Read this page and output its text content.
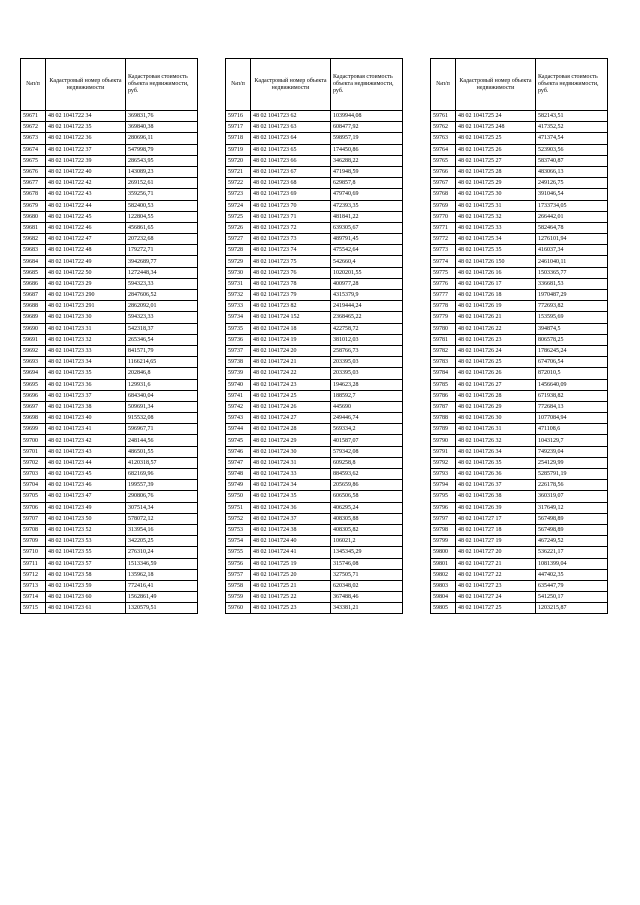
№п/п	Кадастровый номер объекта недвижимости	Кадастровая стоимость объекта недвижимости, руб.
59671	48 02 1041722 34	369831,76
59672	48 02 1041722 35	369840,38
59673	48 02 1041722 36	280696,11
59674	48 02 1041722 37	547998,79
59675	48 02 1041722 39	286543,95
59676	48 02 1041722 40	143089,23
59677	48 02 1041722 42	269152,61
59678	48 02 1041722 43	359256,71
59679	48 02 1041722 44	582400,53
59680	48 02 1041722 45	122804,55
59681	48 02 1041722 46	456861,65
59682	48 02 1041722 47	207232,68
59683	48 02 1041722 48	179272,71
59684	48 02 1041722 49	3942689,77
59685	48 02 1041722 50	1272448,34
59686	48 02 1041723 29	594323,33
59687	48 02 1041723 290	2847606,52
59688	48 02 1041723 291	2862092,01
59689	48 02 1041723 30	594323,33
59690	48 02 1041723 31	542318,37
59691	48 02 1041723 32	265346,54
59692	48 02 1041723 33	841571,79
59693	48 02 1041723 34	1166214,65
59694	48 02 1041723 35	202846,8
59695	48 02 1041723 36	129931,6
59696	48 02 1041723 37	684340,04
59697	48 02 1041723 38	509691,34
59698	48 02 1041723 40	915532,08
59699	48 02 1041723 41	596967,71
59700	48 02 1041723 42	248144,56
59701	48 02 1041723 43	486501,55
59702	48 02 1041723 44	4120318,57
59703	48 02 1041723 45	682169,96
59704	48 02 1041723 46	199557,39
59705	48 02 1041723 47	290806,76
59706	48 02 1041723 49	307514,34
59707	48 02 1041723 50	578072,12
59708	48 02 1041723 52	313954,16
59709	48 02 1041723 53	342205,25
59710	48 02 1041723 55	276310,24
59711	48 02 1041723 57	1513346,59
59712	48 02 1041723 58	135962,18
59713	48 02 1041723 59	772416,41
59714	48 02 1041723 60	1562861,49
59715	48 02 1041723 61	1320579,51
№п/п	Кадастровый номер объекта недвижимости	Кадастровая стоимость объекта недвижимости, руб.
59716	48 02 1041723 62	1039944,08
59717	48 02 1041723 63	608477,92
59718	48 02 1041723 64	598957,19
59719	48 02 1041723 65	174450,86
59720	48 02 1041723 66	346288,22
59721	48 02 1041723 67	471948,59
59722	48 02 1041723 68	629857,8
59723	48 02 1041723 69	479740,69
59724	48 02 1041723 70	472393,35
59725	48 02 1041723 71	481841,22
59726	48 02 1041723 72	639305,67
59727	48 02 1041723 73	489791,45
59728	48 02 1041723 74	475542,64
59729	48 02 1041723 75	542660,4
59730	48 02 1041723 76	1020201,55
59731	48 02 1041723 78	400977,28
59732	48 02 1041723 79	4315379,9
59733	48 02 1041723 82	2419444,24
59734	48 02 1041724 152	2368465,22
59735	48 02 1041724 18	422758,72
59736	48 02 1041724 19	381012,03
59737	48 02 1041724 20	258766,73
59738	48 02 1041724 21	203395,03
59739	48 02 1041724 22	203395,03
59740	48 02 1041724 23	194623,28
59741	48 02 1041724 25	188592,7
59742	48 02 1041724 26	445690
59743	48 02 1041724 27	249446,74
59744	48 02 1041724 28	569334,2
59745	48 02 1041724 29	401587,07
59746	48 02 1041724 30	579342,08
59747	48 02 1041724 31	609258,8
59748	48 02 1041724 33	884593,62
59749	48 02 1041724 34	205659,86
59750	48 02 1041724 35	606506,58
59751	48 02 1041724 36	406295,24
59752	48 02 1041724 37	408305,88
59753	48 02 1041724 38	408305,82
59754	48 02 1041724 40	106021,2
59755	48 02 1041724 41	1345345,29
59756	48 02 1041725 19	315746,08
59757	48 02 1041725 20	327505,71
59758	48 02 1041725 21	620348,02
59759	48 02 1041725 22	367488,46
59760	48 02 1041725 23	343381,21
№п/п	Кадастровый номер объекта недвижимости	Кадастровая стоимость объекта недвижимости, руб.
59761	48 02 1041725 24	582143,51
59762	48 02 1041725 248	417352,52
59763	48 02 1041725 25	471374,54
59764	48 02 1041725 26	523903,56
59765	48 02 1041725 27	583740,87
59766	48 02 1041725 28	483066,13
59767	48 02 1041725 29	249126,75
59768	48 02 1041725 30	391046,54
59769	48 02 1041725 31	1733734,05
59770	48 02 1041725 32	266442,01
59771	48 02 1041725 33	582464,78
59772	48 02 1041725 34	1276101,94
59773	48 02 1041725 35	416037,34
59774	48 02 1041726 150	2461040,11
59775	48 02 1041726 16	1503365,77
59776	48 02 1041726 17	336681,53
59777	48 02 1041726 18	1970487,29
59778	48 02 1041726 19	772693,82
59779	48 02 1041726 21	153595,69
59780	48 02 1041726 22	394874,5
59781	48 02 1041726 23	806578,25
59782	48 02 1041726 24	1786245,24
59783	48 02 1041726 25	674706,54
59784	48 02 1041726 26	872010,5
59785	48 02 1041726 27	1456640,09
59786	48 02 1041726 28	671938,82
59787	48 02 1041726 29	772684,13
59788	48 02 1041726 30	1077084,94
59789	48 02 1041726 31	471108,6
59790	48 02 1041726 32	1043129,7
59791	48 02 1041726 34	749239,04
59792	48 02 1041726 35	254129,99
59793	48 02 1041726 36	5285791,19
59794	48 02 1041726 37	226178,56
59795	48 02 1041726 38	360319,07
59796	48 02 1041726 39	317649,12
59797	48 02 1041727 17	567498,89
59798	48 02 1041727 18	567498,89
59799	48 02 1041727 19	467249,52
59800	48 02 1041727 20	536221,17
59801	48 02 1041727 21	1081399,04
59802	48 02 1041727 22	447402,35
59803	48 02 1041727 23	635447,79
59804	48 02 1041727 24	541250,17
59805	48 02 1041727 25	1203215,87
